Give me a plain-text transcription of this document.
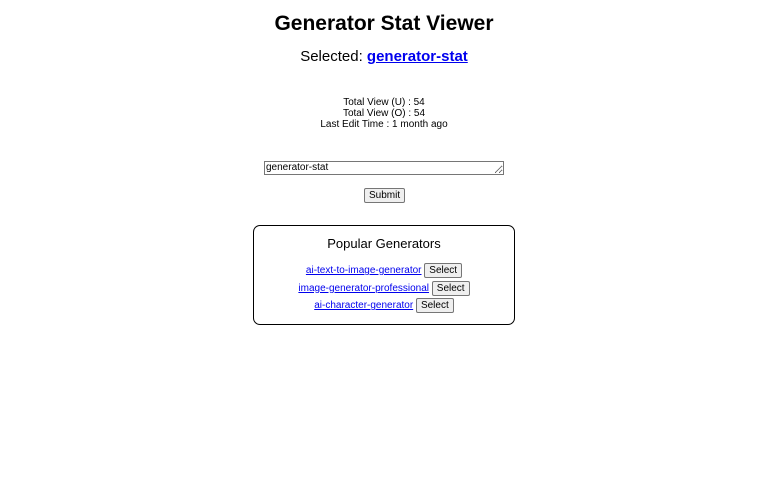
Generator Stat Viewer
Selected: generator-stat
Total View (U) : 54
Total View (O) : 54
Last Edit Time : 1 month ago
generator-stat
Submit
Popular Generators
ai-text-to-image-generator Select
image-generator-professional Select
ai-character-generator Select
